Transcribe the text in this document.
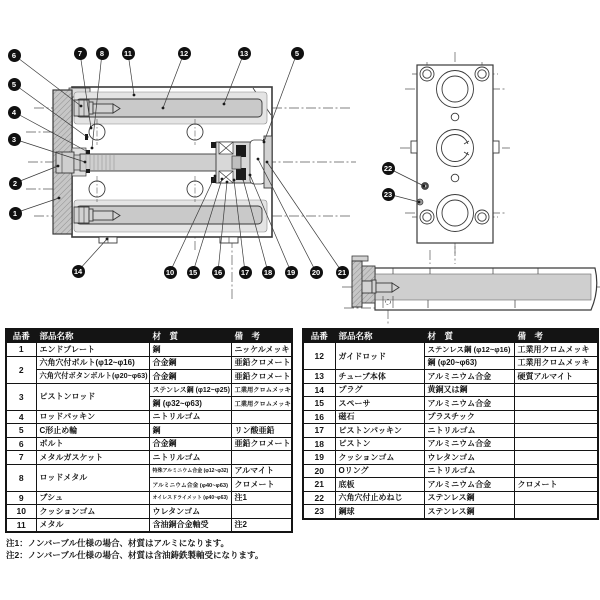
6	7	8	11	12	13	5
5
4
3
2
1
14	10	15	16	17	18	19	20	21
22
23
品番	部品名称	材　質	備　考
1	エンドプレート	鋼	ニッケルメッキ
2	六角穴付ボルト(φ12~φ16)	合金鋼	亜鉛クロメート
	六角穴付ボタンボルト(φ20~φ63)	合金鋼	亜鉛クロメート
3	ピストンロッド	ステンレス鋼 (φ12~φ25)	工業用クロムメッキ
		鋼 (φ32~φ63)	工業用クロムメッキ
4	ロッドパッキン	ニトリルゴム	
5	C形止め輪	鋼	リン酸亜鉛
6	ボルト	合金鋼	亜鉛クロメート
7	メタルガスケット	ニトリルゴム	
8	ロッドメタル	特殊アルミニウム合金 (φ12~φ32)	アルマイト
		アルミニウム合金 (φ40~φ63)	クロメート
9	ブシュ	オイレスドライメット (φ40~φ63)	注1
10	クッションゴム	ウレタンゴム	
11	メタル	含油銅合金軸受	注2
品番	部品名称	材　質	備　考
12	ガイドロッド	ステンレス鋼 (φ12~φ16)	工業用クロムメッキ
		鋼 (φ20~φ63)	工業用クロムメッキ
13	チューブ本体	アルミニウム合金	硬質アルマイト
14	プラグ	黄銅又は鋼	
15	スペーサ	アルミニウム合金	
16	磁石	プラスチック	
17	ピストンパッキン	ニトリルゴム	
18	ピストン	アルミニウム合金	
19	クッションゴム	ウレタンゴム	
20	Oリング	ニトリルゴム	
21	底板	アルミニウム合金	クロメート
22	六角穴付止めねじ	ステンレス鋼	
23	鋼球	ステンレス鋼	
注1：ノンバーブル仕様の場合、材質はアルミになります。
注2：ノンバーブル仕様の場合、材質は含油鋳鉄製軸受になります。
